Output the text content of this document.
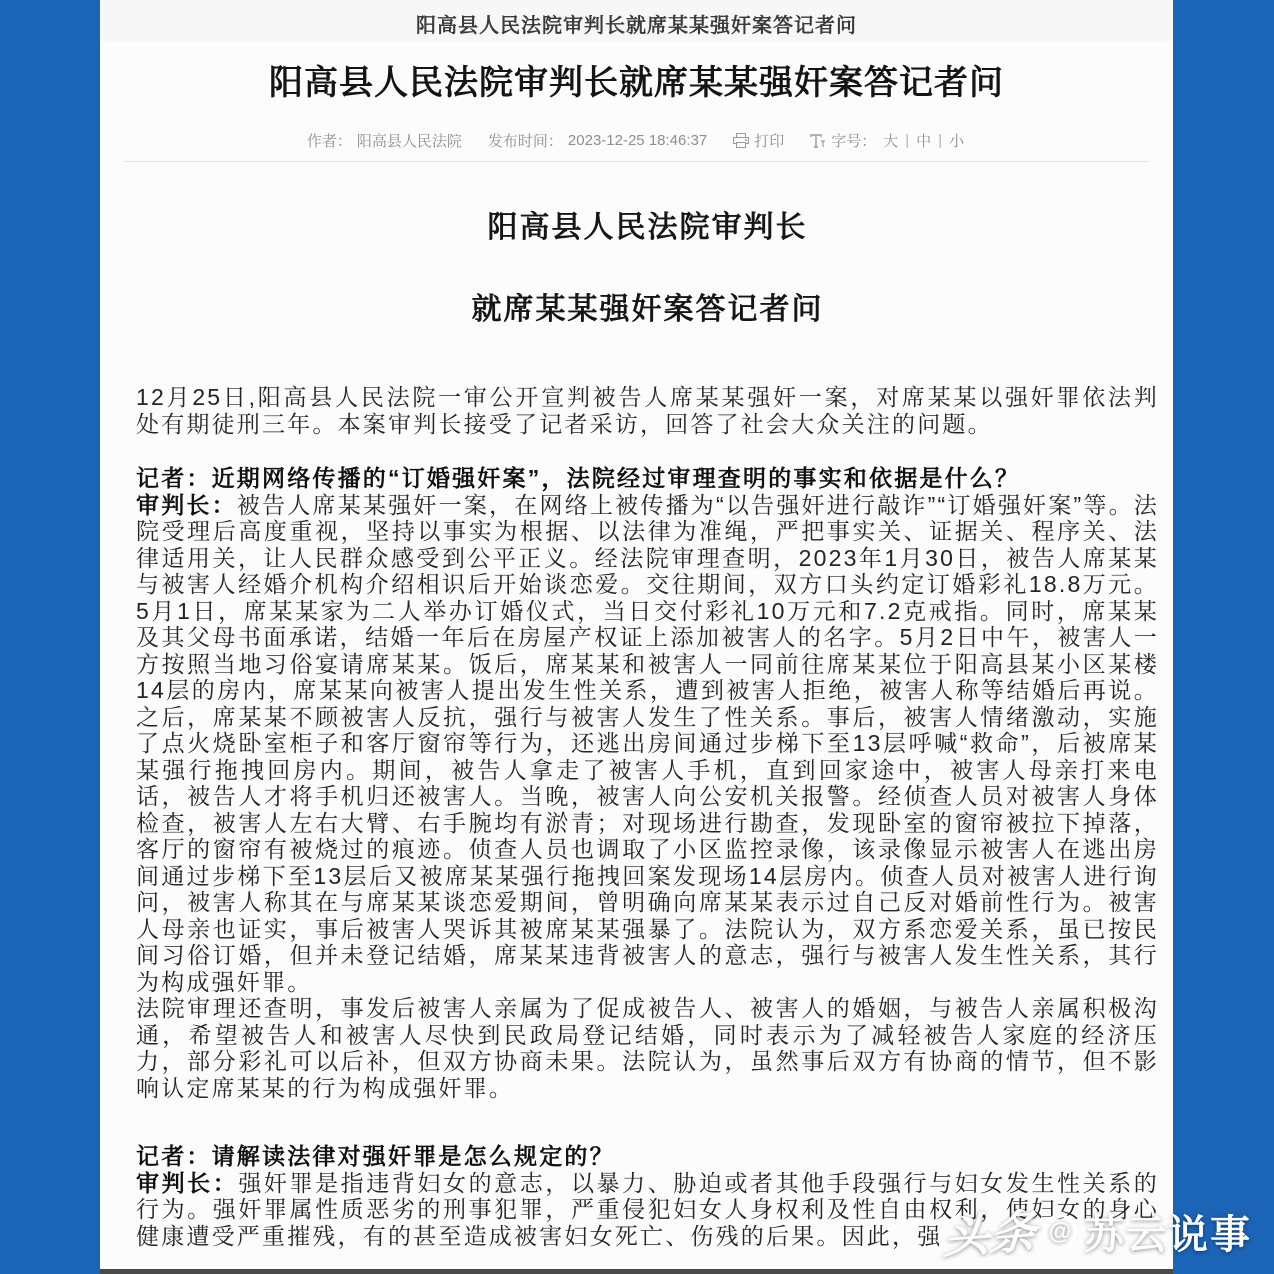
阳高县人民法院审判长就席某某强奸案答记者问
阳高县人民法院审判长就席某某强奸案答记者问
作者： 阳高县人民法院 发布时间： 2023-12-25 18:46:37	打印	字号： 大 | 中 | 小
阳高县人民法院审判长
就席某某强奸案答记者问

12月25日,阳高县人民法院一审公开宣判被告人席某某强奸一案，对席某某以强奸罪依法判处有期徒刑三年。本案审判长接受了记者采访，回答了社会大众关注的问题。

记者：近期网络传播的“订婚强奸案”，法院经过审理查明的事实和依据是什么？

审判长：被告人席某某强奸一案，在网络上被传播为“以告强奸进行敲诈”“订婚强奸案”等。法院受理后高度重视，坚持以事实为根据、以法律为准绳，严把事实关、证据关、程序关、法律适用关，让人民群众感受到公平正义。经法院审理查明，2023年1月30日，被告人席某某与被害人经婚介机构介绍相识后开始谈恋爱。交往期间，双方口头约定订婚彩礼18.8万元。5月1日，席某某家为二人举办订婚仪式，当日交付彩礼10万元和7.2克戒指。同时，席某某及其父母书面承诺，结婚一年后在房屋产权证上添加被害人的名字。5月2日中午，被害人一方按照当地习俗宴请席某某。饭后，席某某和被害人一同前往席某某位于阳高县某小区某楼14层的房内，席某某向被害人提出发生性关系，遭到被害人拒绝，被害人称等结婚后再说。之后，席某某不顾被害人反抗，强行与被害人发生了性关系。事后，被害人情绪激动，实施了点火烧卧室柜子和客厅窗帘等行为，还逃出房间通过步梯下至13层呼喊“救命”，后被席某某强行拖拽回房内。期间，被告人拿走了被害人手机，直到回家途中，被害人母亲打来电话，被告人才将手机归还被害人。当晚，被害人向公安机关报警。经侦查人员对被害人身体检查，被害人左右大臂、右手腕均有淤青；对现场进行勘查，发现卧室的窗帘被拉下掉落，客厅的窗帘有被烧过的痕迹。侦查人员也调取了小区监控录像，该录像显示被害人在逃出房间通过步梯下至13层后又被席某某强行拖拽回案发现场14层房内。侦查人员对被害人进行询问，被害人称其在与席某某谈恋爱期间，曾明确向席某某表示过自己反对婚前性行为。被害人母亲也证实，事后被害人哭诉其被席某某强暴了。法院认为，双方系恋爱关系，虽已按民间习俗订婚，但并未登记结婚，席某某违背被害人的意志，强行与被害人发生性关系，其行为构成强奸罪。

法院审理还查明，事发后被害人亲属为了促成被告人、被害人的婚姻，与被告人亲属积极沟通，希望被告人和被害人尽快到民政局登记结婚，同时表示为了减轻被告人家庭的经济压力，部分彩礼可以后补，但双方协商未果。法院认为，虽然事后双方有协商的情节，但不影响认定席某某的行为构成强奸罪。

记者：请解读法律对强奸罪是怎么规定的？

审判长：强奸罪是指违背妇女的意志，以暴力、胁迫或者其他手段强行与妇女发生性关系的行为。强奸罪属性质恶劣的刑事犯罪，严重侵犯妇女人身权利及性自由权利，使妇女的身心健康遭受严重摧残，有的甚至造成被害妇女死亡、伤残的后果。因此，强 头条 @ 苏云说事
